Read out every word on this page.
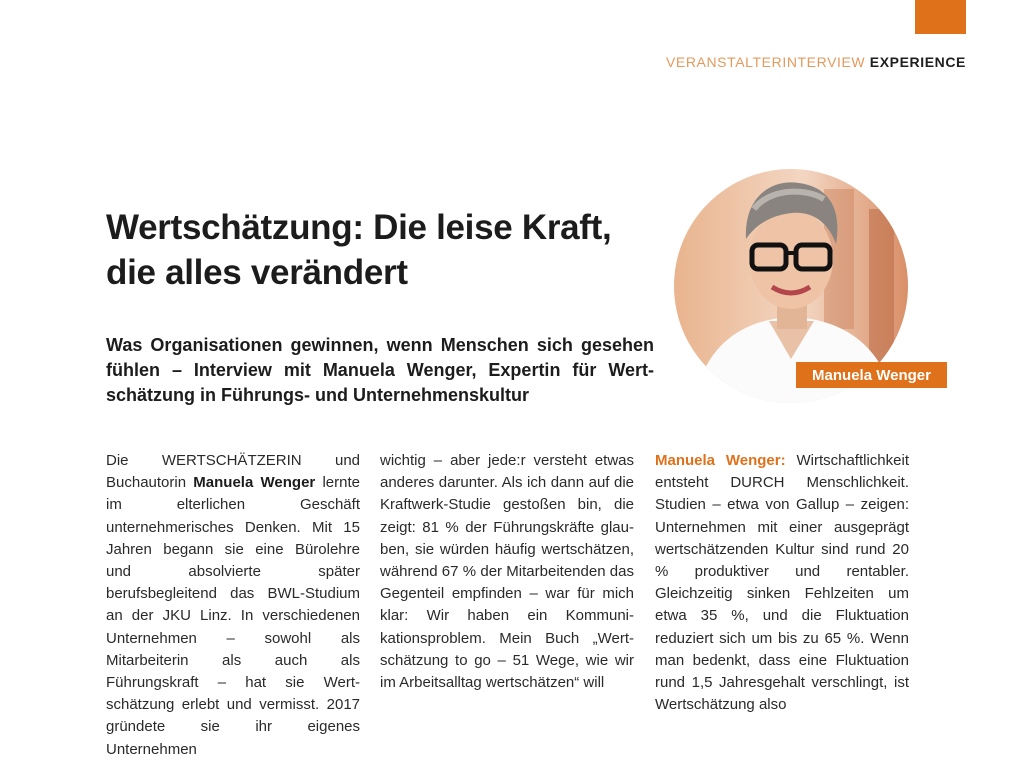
VERANSTALTERINTERVIEW EXPERIENCE
Wertschätzung: Die leise Kraft,
die alles verändert

Was Organisationen gewinnen, wenn Menschen sich gesehen fühlen – Interview mit Manuela Wenger, Expertin für Wertschätzung in Führungs- und Unternehmenskultur

Manuela Wenger

Die WERTSCHÄTZERIN und Buchautorin Manuela Wenger lernte im elterlichen Geschäft unternehmerisches Denken. Mit 15 Jahren begann sie eine Bürolehre und absolvierte später berufsbegleitend das BWL-Studium an der JKU Linz. In verschiedenen Unternehmen – sowohl als Mitarbeiterin als auch als Führungskraft – hat sie Wertschätzung erlebt und vermisst. 2017 gründete sie ihr eigenes Unternehmen

wichtig – aber jede:r versteht etwas anderes darunter. Als ich dann auf die Kraftwerk-Studie gestoßen bin, die zeigt: 81 % der Führungskräfte glauben, sie würden häufig wertschätzen, während 67 % der Mitarbeitenden das Gegenteil empfinden – war für mich klar: Wir haben ein Kommunikationsproblem. Mein Buch „Wertschätzung to go – 51 Wege, wie wir im Arbeitsalltag wertschätzen“ will

Manuela Wenger: Wirtschaftlichkeit entsteht DURCH Menschlichkeit. Studien – etwa von Gallup – zeigen: Unternehmen mit einer ausgeprägt wertschätzenden Kultur sind rund 20 % produktiver und rentabler. Gleichzeitig sinken Fehlzeiten um etwa 35 %, und die Fluktuation reduziert sich um bis zu 65 %. Wenn man bedenkt, dass eine Fluktuation rund 1,5 Jahresgehalt verschlingt, ist Wertschätzung also
